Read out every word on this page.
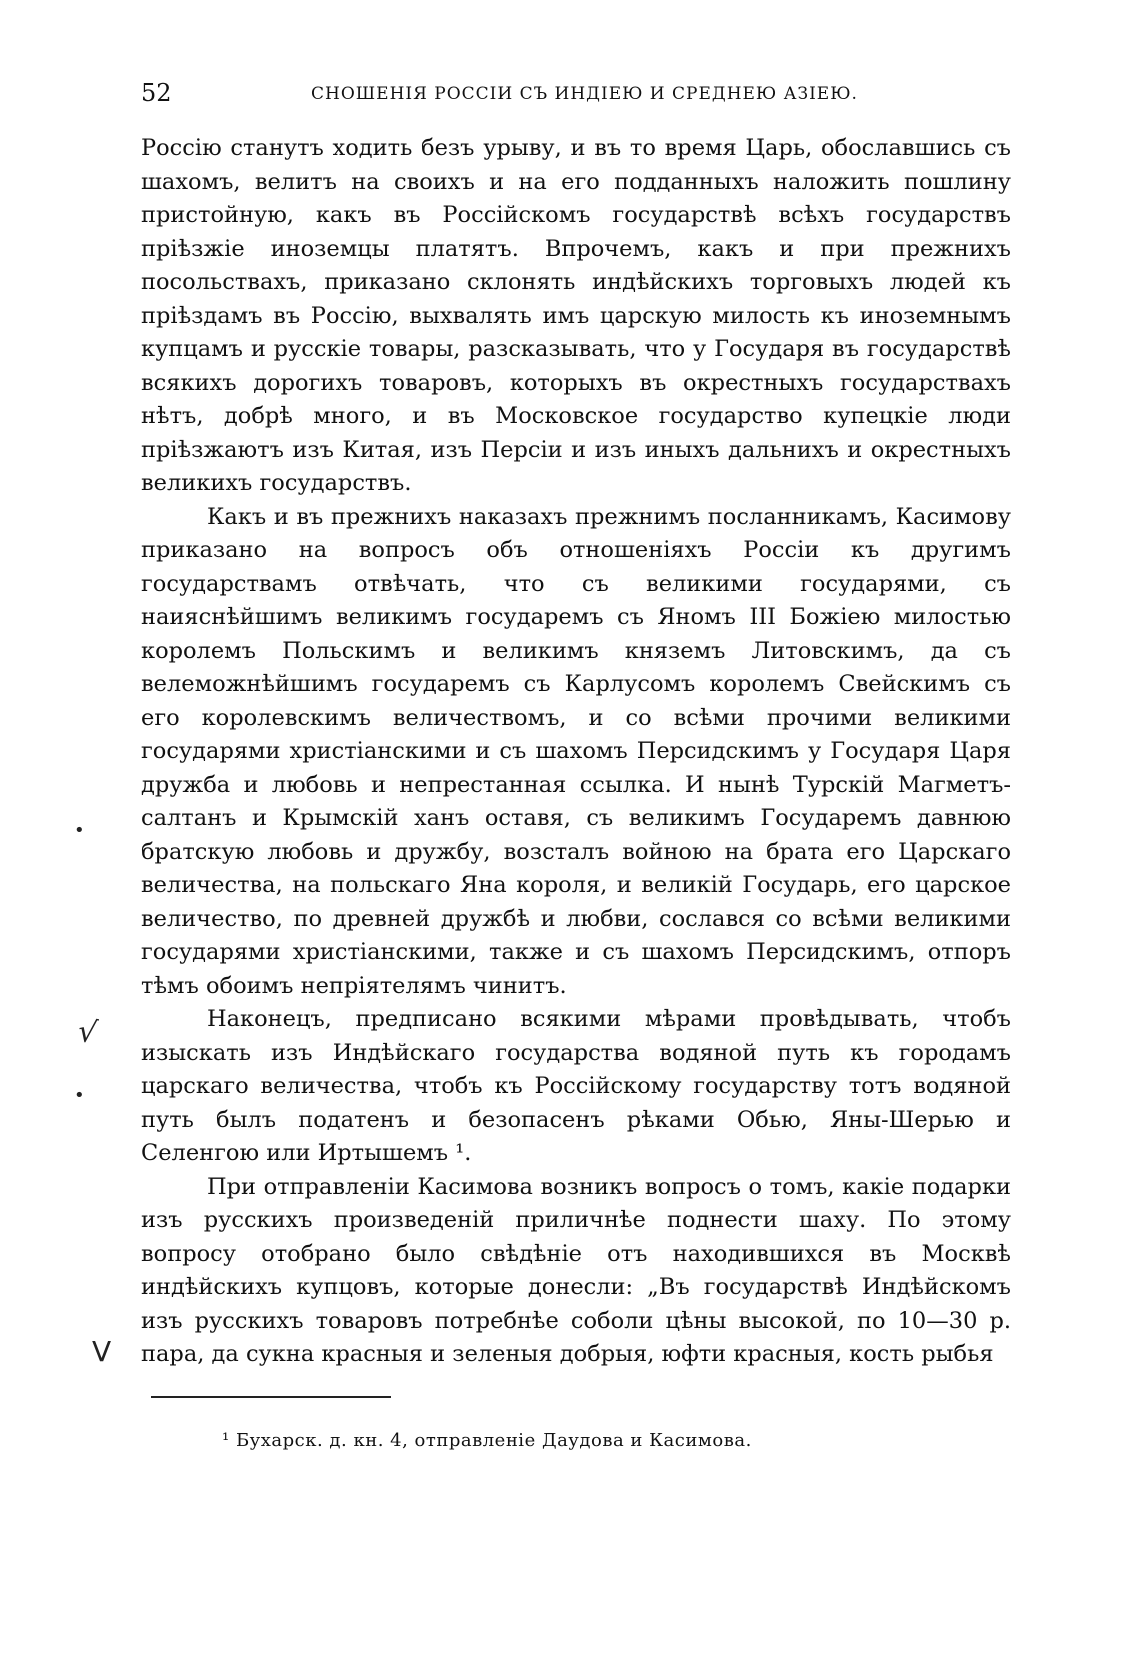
52	СНОШЕНІЯ РОССІИ СЪ ИНДІЕЮ И СРЕДНЕЮ АЗІЕЮ.

Россію станутъ ходить безъ урыву, и въ то время Царь, обославшись съ шахомъ, велитъ на своихъ и на его подданныхъ наложить пошлину пристойную, какъ въ Россійскомъ государствѣ всѣхъ государствъ пріѣзжіе иноземцы платятъ. Впрочемъ, какъ и при прежнихъ посольствахъ, приказано склонять индѣйскихъ торговыхъ людей къ пріѣздамъ въ Россію, выхвалять имъ царскую милость къ иноземнымъ купцамъ и русскіе товары, разсказывать, что у Государя въ государствѣ всякихъ дорогихъ товаровъ, которыхъ въ окрестныхъ государствахъ нѣтъ, добрѣ много, и въ Московское государство купецкіе люди пріѣзжаютъ изъ Китая, изъ Персіи и изъ иныхъ дальнихъ и окрестныхъ великихъ государствъ.

Какъ и въ прежнихъ наказахъ прежнимъ посланникамъ, Касимову приказано на вопросъ объ отношеніяхъ Россіи къ другимъ государствамъ отвѣчать, что съ великими государями, съ наияснѣйшимъ великимъ государемъ съ Яномъ III Божіею милостью королемъ Польскимъ и великимъ княземъ Литовскимъ, да съ велеможнѣйшимъ государемъ съ Карлусомъ королемъ Свейскимъ съ его королевскимъ величествомъ, и со всѣми прочими великими государями христіанскими и съ шахомъ Персидскимъ у Государя Царя дружба и любовь и непрестанная ссылка. И нынѣ Турскій Магметъ-салтанъ и Крымскій ханъ оставя, съ великимъ Государемъ давнюю братскую любовь и дружбу, возсталъ войною на брата его Царскаго величества, на польскаго Яна короля, и великій Государь, его царское величество, по древней дружбѣ и любви, сослався со всѣми великими государями христіанскими, также и съ шахомъ Персидскимъ, отпоръ тѣмъ обоимъ непріятелямъ чинитъ.

Наконецъ, предписано всякими мѣрами провѣдывать, чтобъ изыскать изъ Индѣйскаго государства водяной путь къ городамъ царскаго величества, чтобъ къ Россійскому государству тотъ водяной путь былъ податенъ и безопасенъ рѣками Обью, Яны-Шерью и Селенгою или Иртышемъ ¹.

При отправленіи Касимова возникъ вопросъ о томъ, какіе подарки изъ русскихъ произведеній приличнѣе поднести шаху. По этому вопросу отобрано было свѣдѣніе отъ находившихся въ Москвѣ индѣйскихъ купцовъ, которые донесли: „Въ государствѣ Индѣйскомъ изъ русскихъ товаровъ потребнѣе соболи цѣны высокой, по 10—30 р. пара, да сукна красныя и зеленыя добрыя, юфти красныя, кость рыбья

¹ Бухарск. д. кн. 4, отправленіе Даудова и Касимова.
•
√
•
V
